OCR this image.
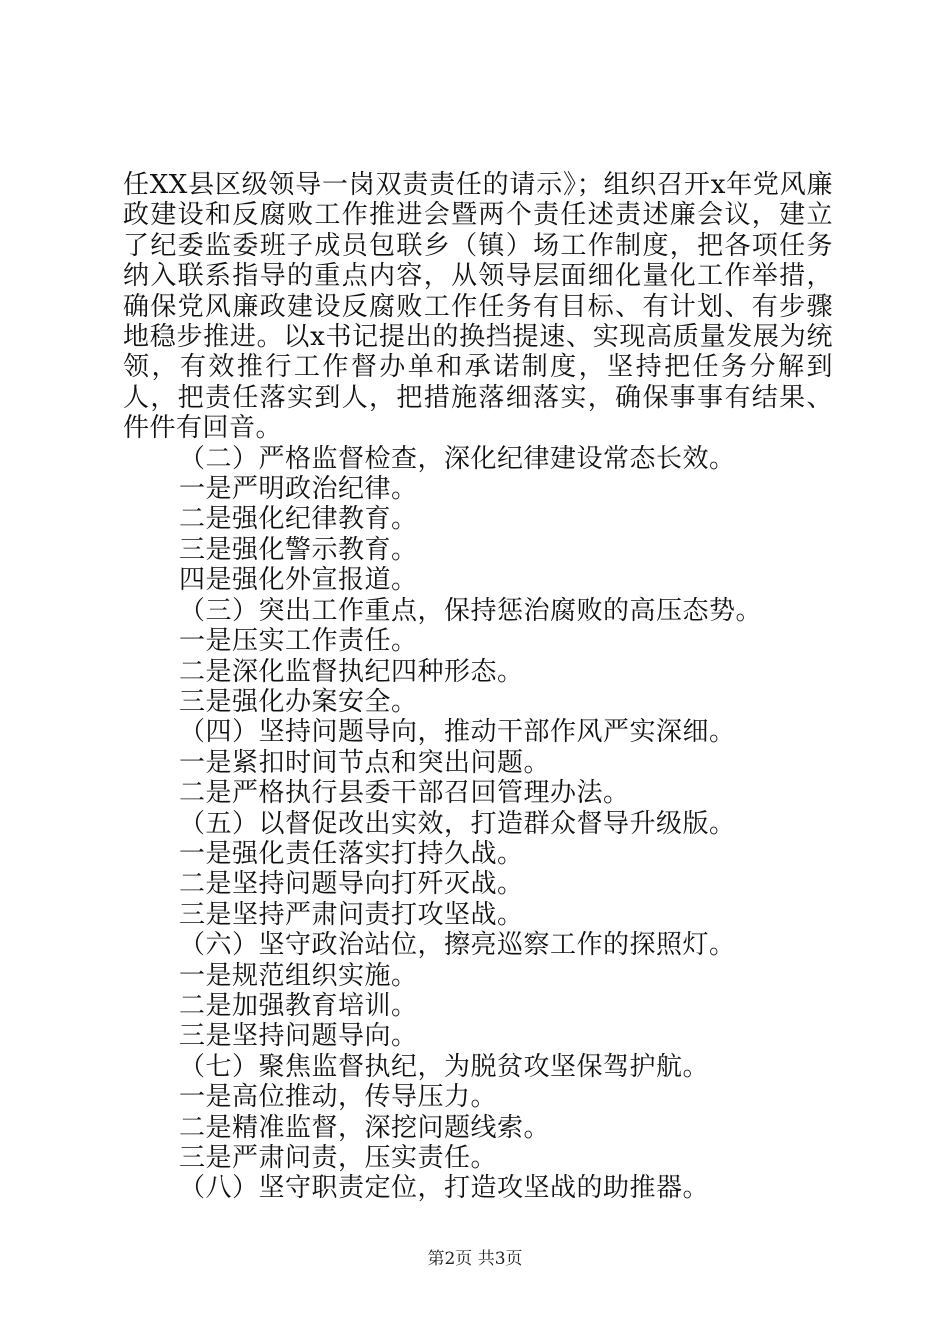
任XX县区级领导一岗双责责任的请示》；组织召开x年党风廉政建设和反腐败工作推进会暨两个责任述责述廉会议，建立了纪委监委班子成员包联乡（镇）场工作制度，把各项任务纳入联系指导的重点内容，从领导层面细化量化工作举措，确保党风廉政建设反腐败工作任务有目标、有计划、有步骤地稳步推进。以x书记提出的换挡提速、实现高质量发展为统领，有效推行工作督办单和承诺制度，坚持把任务分解到人，把责任落实到人，把措施落细落实，确保事事有结果、件件有回音。

（二）严格监督检查，深化纪律建设常态长效。

一是严明政治纪律。

二是强化纪律教育。

三是强化警示教育。

四是强化外宣报道。

（三）突出工作重点，保持惩治腐败的高压态势。

一是压实工作责任。

二是深化监督执纪四种形态。

三是强化办案安全。

（四）坚持问题导向，推动干部作风严实深细。

一是紧扣时间节点和突出问题。

二是严格执行县委干部召回管理办法。

（五）以督促改出实效，打造群众督导升级版。

一是强化责任落实打持久战。

二是坚持问题导向打歼灭战。

三是坚持严肃问责打攻坚战。

（六）坚守政治站位，擦亮巡察工作的探照灯。

一是规范组织实施。

二是加强教育培训。

三是坚持问题导向。

（七）聚焦监督执纪，为脱贫攻坚保驾护航。

一是高位推动，传导压力。

二是精准监督，深挖问题线索。

三是严肃问责，压实责任。

（八）坚守职责定位，打造攻坚战的助推器。

第2页 共3页
